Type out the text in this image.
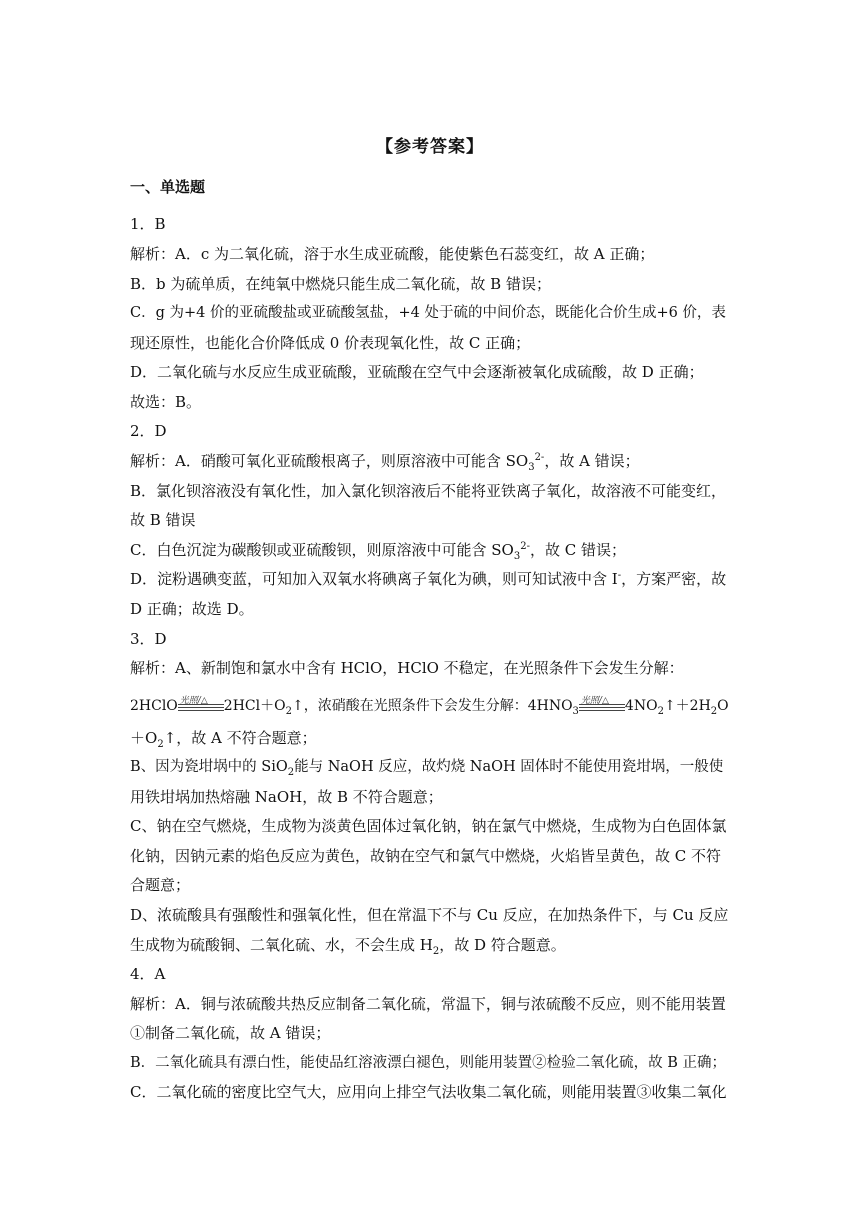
【参考答案】
一、单选题
1．B
解析：A．c 为二氧化硫，溶于水生成亚硫酸，能使紫色石蕊变红，故 A 正确；
B．b 为硫单质，在纯氧中燃烧只能生成二氧化硫，故 B 错误；
C．g 为+4 价的亚硫酸盐或亚硫酸氢盐，+4 处于硫的中间价态，既能化合价生成+6 价，表
现还原性，也能化合价降低成 0 价表现氧化性，故 C 正确；
D．二氧化硫与水反应生成亚硫酸，亚硫酸在空气中会逐渐被氧化成硫酸，故 D 正确；
故选：B。
2．D
解析：A．硝酸可氧化亚硫酸根离子，则原溶液中可能含 $SO_3^{2-}$，故 A 错误；
B．氯化钡溶液没有氧化性，加入氯化钡溶液后不能将亚铁离子氧化，故溶液不可能变红，
故 B 错误
C．白色沉淀为碳酸钡或亚硫酸钡，则原溶液中可能含 $SO_3^{2-}$，故 C 错误；
D．淀粉遇碘变蓝，可知加入双氧水将碘离子氧化为碘，则可知试液中含 I-，方案严密，故
D 正确；故选 D。
3．D
解析：A、新制饱和氯水中含有 HClO，HClO 不稳定，在光照条件下会发生分解：
2HClO 光照/△ $2HCl+O_2↑$，浓硝酸在光照条件下会发生分解：$4HNO_3$
光照/△ $4NO_2↑+2H_2O$
$+O_2↑$，故 A 不符合题意；
B、因为瓷坩埚中的 SiO$_2$能与 NaOH 反应，故灼烧 NaOH 固体时不能使用瓷坩埚，一般使
用铁坩埚加热熔融 NaOH，故 B 不符合题意；
C、钠在空气燃烧，生成物为淡黄色固体过氧化钠，钠在氯气中燃烧，生成物为白色固体氯
化钠，因钠元素的焰色反应为黄色，故钠在空气和氯气中燃烧，火焰皆呈黄色，故 C 不符
合题意；
D、浓硫酸具有强酸性和强氧化性，但在常温下不与 Cu 反应，在加热条件下，与 Cu 反应
生成物为硫酸铜、二氧化硫、水，不会生成 $H_2$，故 D 符合题意。
4．A
解析：A．铜与浓硫酸共热反应制备二氧化硫，常温下，铜与浓硫酸不反应，则不能用装置
①制备二氧化硫，故 A 错误；
B．二氧化硫具有漂白性，能使品红溶液漂白褪色，则能用装置②检验二氧化硫，故 B 正确；
C．二氧化硫的密度比空气大，应用向上排空气法收集二氧化硫，则能用装置③收集二氧化
